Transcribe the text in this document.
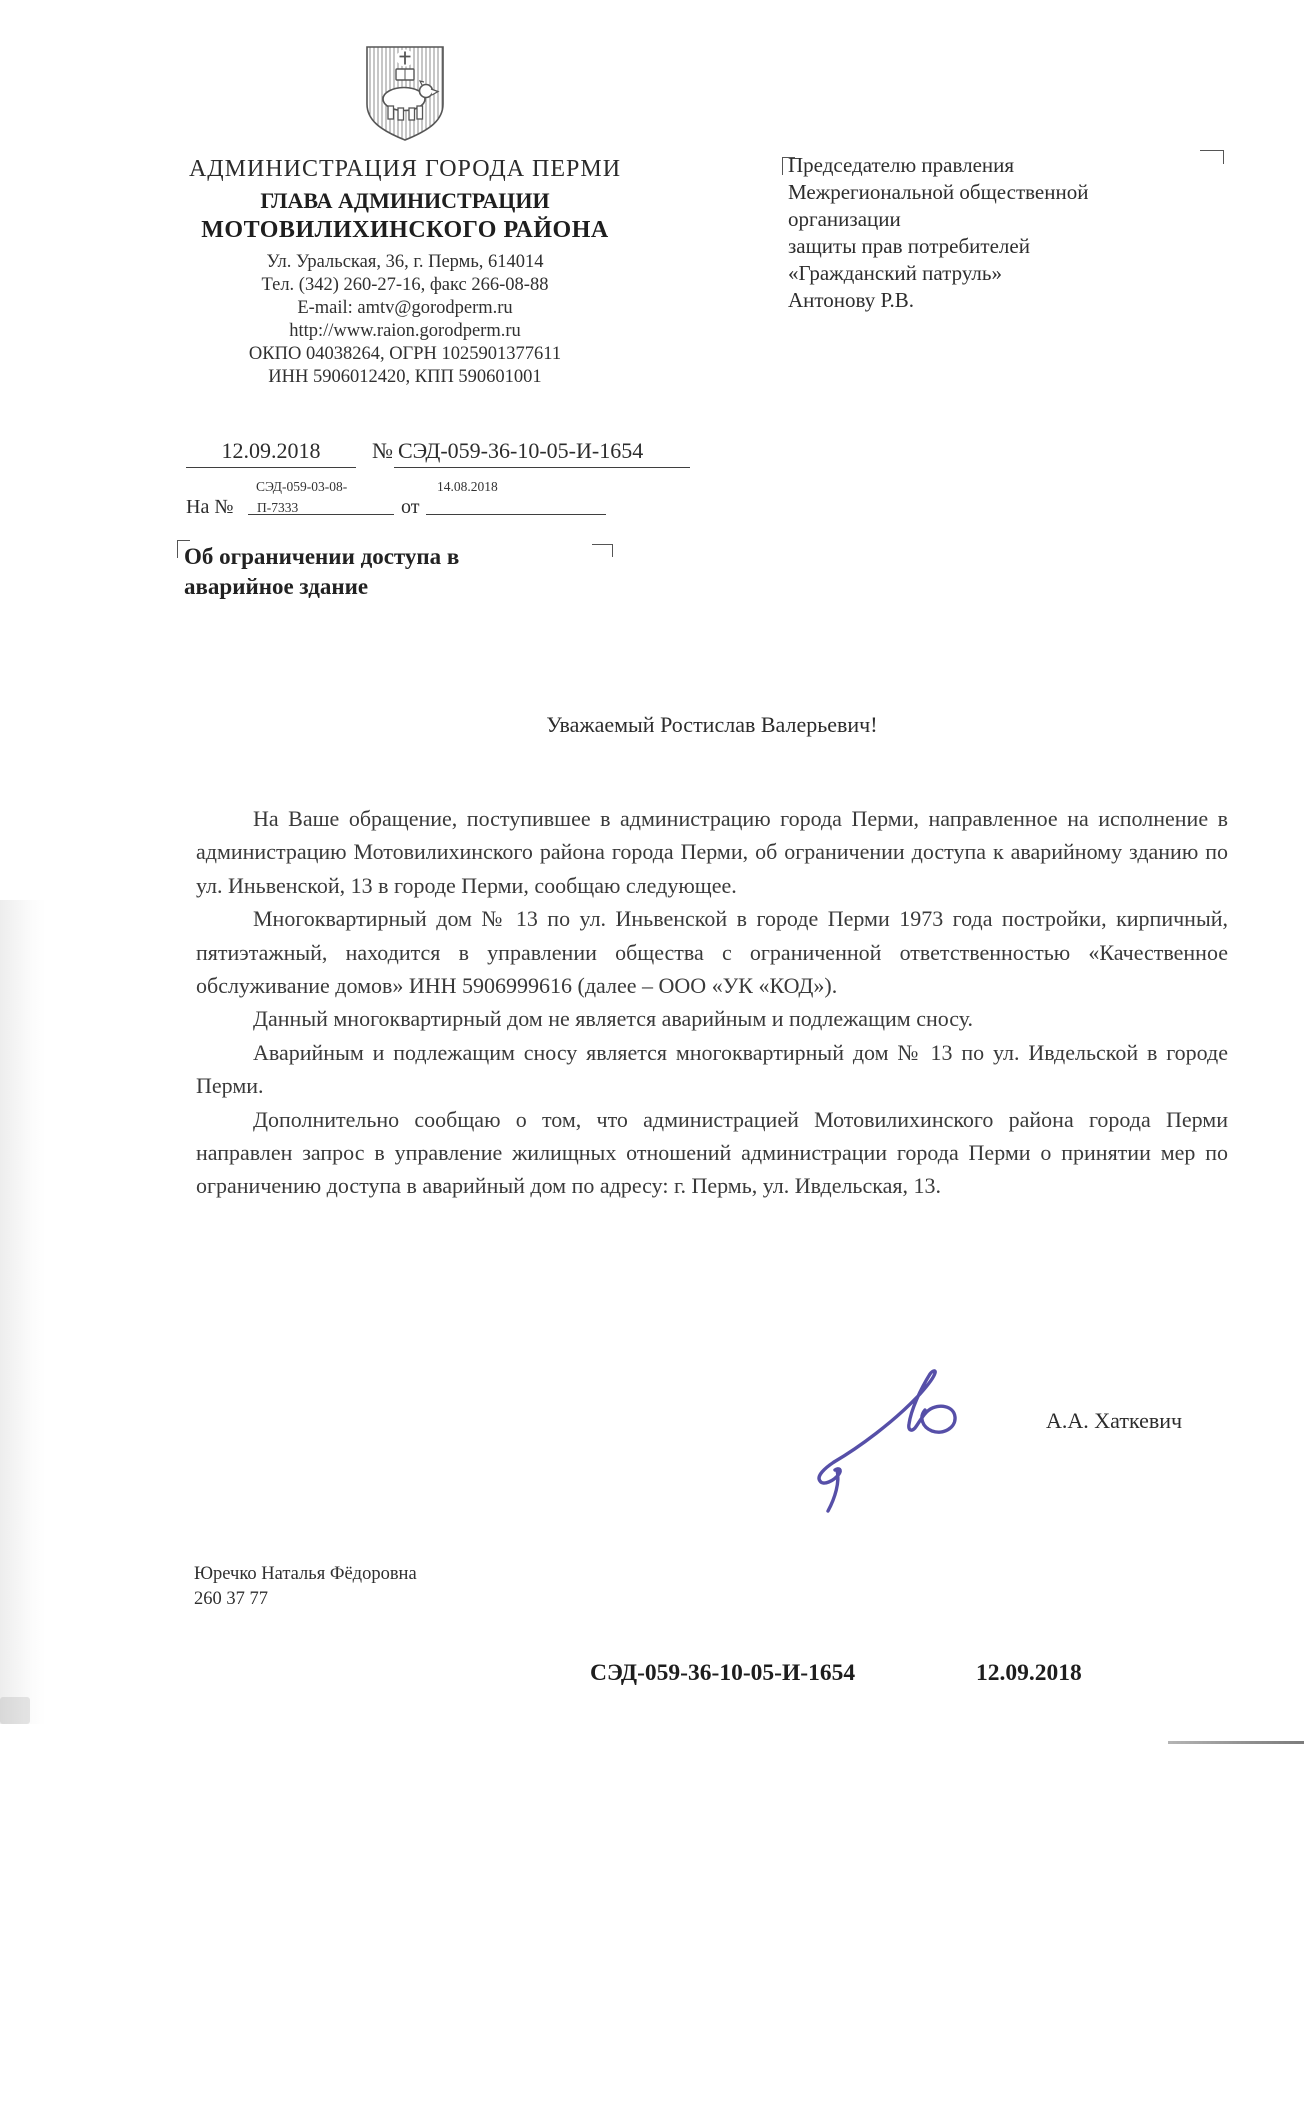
АДМИНИСТРАЦИЯ ГОРОДА ПЕРМИ
ГЛАВА АДМИНИСТРАЦИИ
МОТОВИЛИХИНСКОГО РАЙОНА
Ул. Уральская, 36, г. Пермь, 614014
Тел. (342) 260-27-16, факс 266-08-88
E-mail: amtv@gorodperm.ru
http://www.raion.gorodperm.ru
ОКПО 04038264, ОГРН 1025901377611
ИНН 5906012420, КПП 590601001
Председателю правления
Межрегиональной общественной
организации
защиты прав потребителей
«Гражданский патруль»
Антонову Р.В.
12.09.2018	№ СЭД-059-36-10-05-И-1654
На №
СЭД-059-03-08-
П-7333	от
14.08.2018
Об ограничении доступа в
аварийное здание
Уважаемый Ростислав Валерьевич!

На Ваше обращение, поступившее в администрацию города Перми, направленное на исполнение в администрацию Мотовилихинского района города Перми, об ограничении доступа к аварийному зданию по ул. Иньвенской, 13 в городе Перми, сообщаю следующее.

Многоквартирный дом № 13 по ул. Иньвенской в городе Перми 1973 года постройки, кирпичный, пятиэтажный, находится в управлении общества с ограниченной ответственностью «Качественное обслуживание домов» ИНН 5906999616 (далее – ООО «УК «КОД»).

Данный многоквартирный дом не является аварийным и подлежащим сносу.

Аварийным и подлежащим сносу является многоквартирный дом № 13 по ул. Ивдельской в городе Перми.

Дополнительно сообщаю о том, что администрацией Мотовилихинского района города Перми направлен запрос в управление жилищных отношений администрации города Перми о принятии мер по ограничению доступа в аварийный дом по адресу: г. Пермь, ул. Ивдельская, 13.

А.А. Хаткевич
Юречко Наталья Фёдоровна
260 37 77
СЭД-059-36-10-05-И-1654	12.09.2018
